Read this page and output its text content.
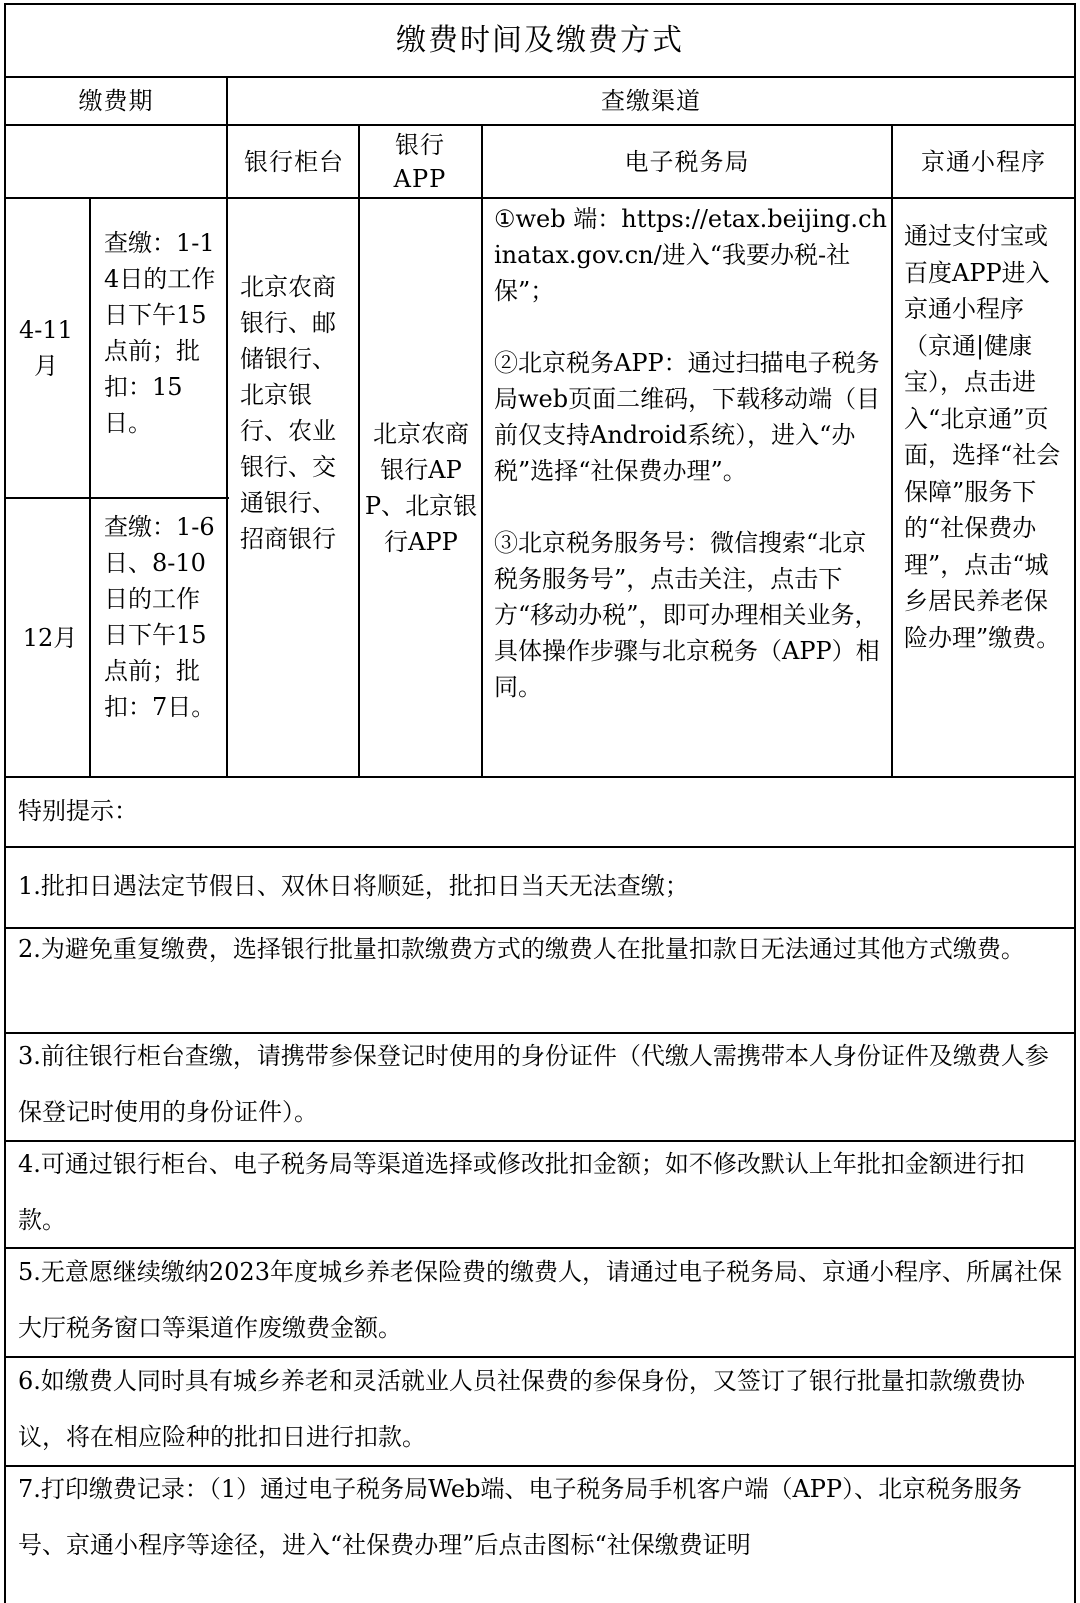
缴费时间及缴费方式
缴费期	查缴渠道
银行柜台
银行APP
电子税务局	京通小程序
4-11月
12月
查缴：1-14日的工作日下午15点前；批扣：15日。
查缴：1-6日、8-10日的工作日下午15点前；批扣：7日。
北京农商银行、邮储银行、北京银行、农业银行、交通银行、招商银行
北京农商银行APP、北京银行APP
①web 端：https://etax.beijing.chinatax.gov.cn/进入“我要办税-社保”；
②北京税务APP：通过扫描电子税务局web页面二维码，下载移动端（目前仅支持Android系统），进入“办税”选择“社保费办理”。
③北京税务服务号：微信搜索“北京税务服务号”，点击关注，点击下方“移动办税”，即可办理相关业务，具体操作步骤与北京税务（APP）相同。
通过支付宝或百度APP进入京通小程序（京通|健康宝），点击进入“北京通”页面，选择“社会保障”服务下的“社保费办理”，点击“城乡居民养老保险办理”缴费。
特别提示：
1.批扣日遇法定节假日、双休日将顺延，批扣日当天无法查缴；
2.为避免重复缴费，选择银行批量扣款缴费方式的缴费人在批量扣款日无法通过其他方式缴费。
3.前往银行柜台查缴，请携带参保登记时使用的身份证件（代缴人需携带本人身份证件及缴费人参保登记时使用的身份证件）。
4.可通过银行柜台、电子税务局等渠道选择或修改批扣金额；如不修改默认上年批扣金额进行扣款。
5.无意愿继续缴纳2023年度城乡养老保险费的缴费人，请通过电子税务局、京通小程序、所属社保大厅税务窗口等渠道作废缴费金额。
6.如缴费人同时具有城乡养老和灵活就业人员社保费的参保身份，又签订了银行批量扣款缴费协议，将在相应险种的批扣日进行扣款。
7.打印缴费记录：（1）通过电子税务局Web端、电子税务局手机客户端（APP）、北京税务服务号、京通小程序等途径，进入“社保费办理”后点击图标“社保缴费证明
